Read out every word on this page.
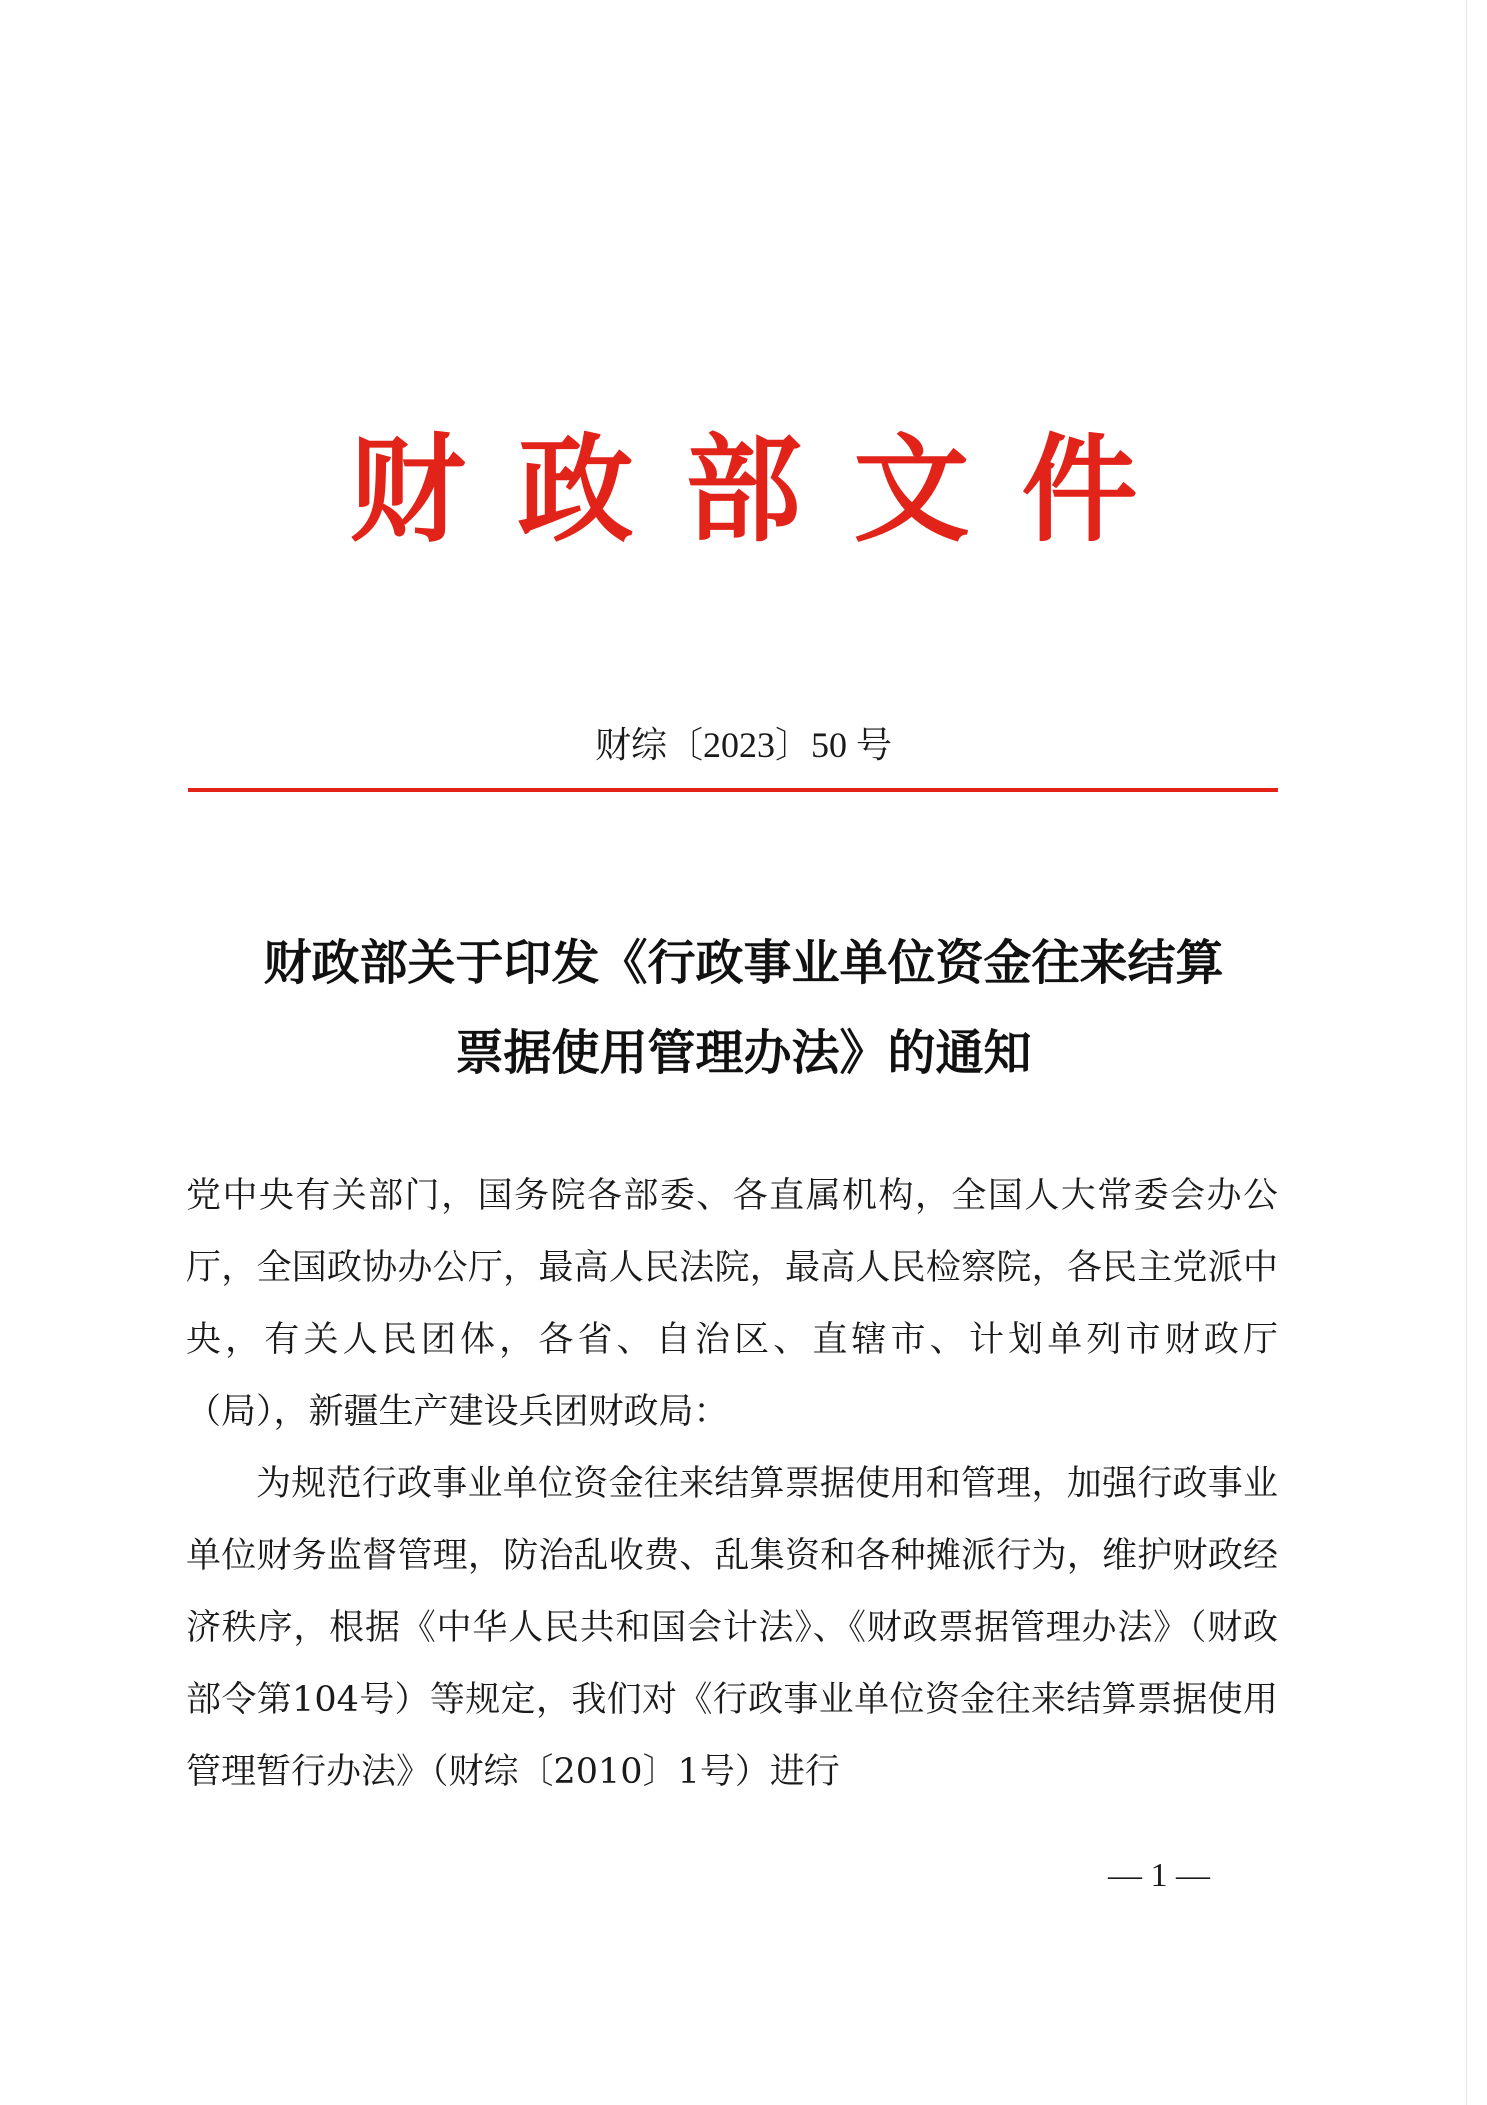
财政部文件
财综〔2023〕50 号
财政部关于印发《行政事业单位资金往来结算
票据使用管理办法》的通知

党中央有关部门，国务院各部委、各直属机构，全国人大常委会办公厅，全国政协办公厅，最高人民法院，最高人民检察院，各民主党派中央，有关人民团体，各省、自治区、直辖市、计划单列市财政厅（局），新疆生产建设兵团财政局：

为规范行政事业单位资金往来结算票据使用和管理，加强行政事业单位财务监督管理，防治乱收费、乱集资和各种摊派行为，维护财政经济秩序，根据《中华人民共和国会计法》、《财政票据管理办法》（财政部令第104号）等规定，我们对《行政事业单位资金往来结算票据使用管理暂行办法》（财综〔2010〕1号）进行

— 1 —
